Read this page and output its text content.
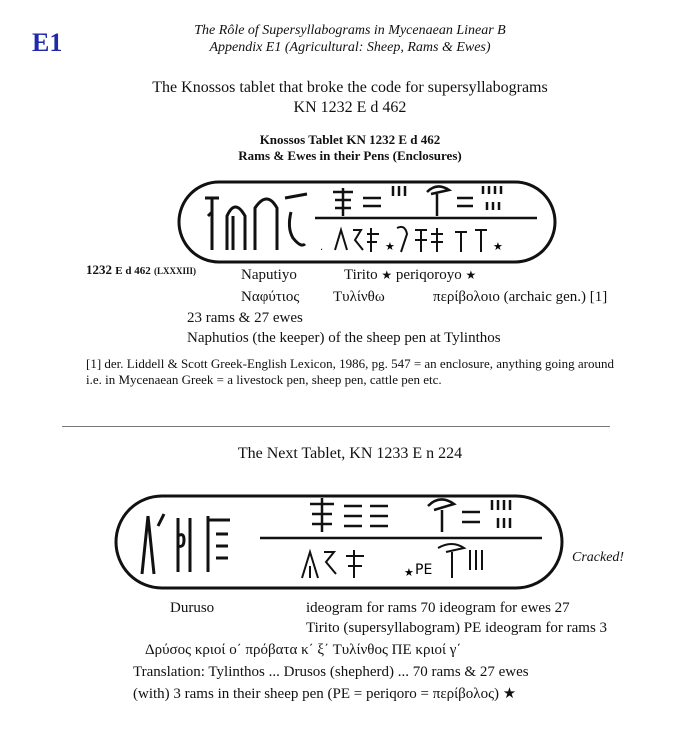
E1	The Rôle of Supersyllabograms in Mycenaean Linear B
Appendix E1 (Agricultural: Sheep, Rams & Ewes)
The Knossos tablet that broke the code for supersyllabograms
KN 1232 E d 462
Knossos Tablet KN 1232 E d 462
Rams & Ewes in their Pens (Enclosures)
.	★	★
1232 E d 462 (LXXXIII)	Naputiyo	Tirito ★ periqoroyo ★
Ναφύτιος Τυλίνθω	περίβολοιο (archaic gen.) [1]
23 rams & 27 ewes
Naphutios (the keeper) of the sheep pen at Tylinthos
[1] der. Liddell & Scott Greek-English Lexicon, 1986, pg. 547 = an enclosure, anything going around
i.e. in Mycenaean Greek = a livestock pen, sheep pen, cattle pen etc.
The Next Tablet, KN 1233 E n 224
★ PE
Cracked!
Duruso	ideogram for rams 70 ideogram for ewes 27
Tirito (supersyllabogram) PE ideogram for rams 3
Δρύσος κριοί ο΄ πρόβατα κ΄ ξ΄ Τυλίνθος ΠΕ κριοί γ΄
Translation: Tylinthos ... Drusos (shepherd) ... 70 rams & 27 ewes
(with) 3 rams in their sheep pen (PE = periqoro = περίβολος) ★
